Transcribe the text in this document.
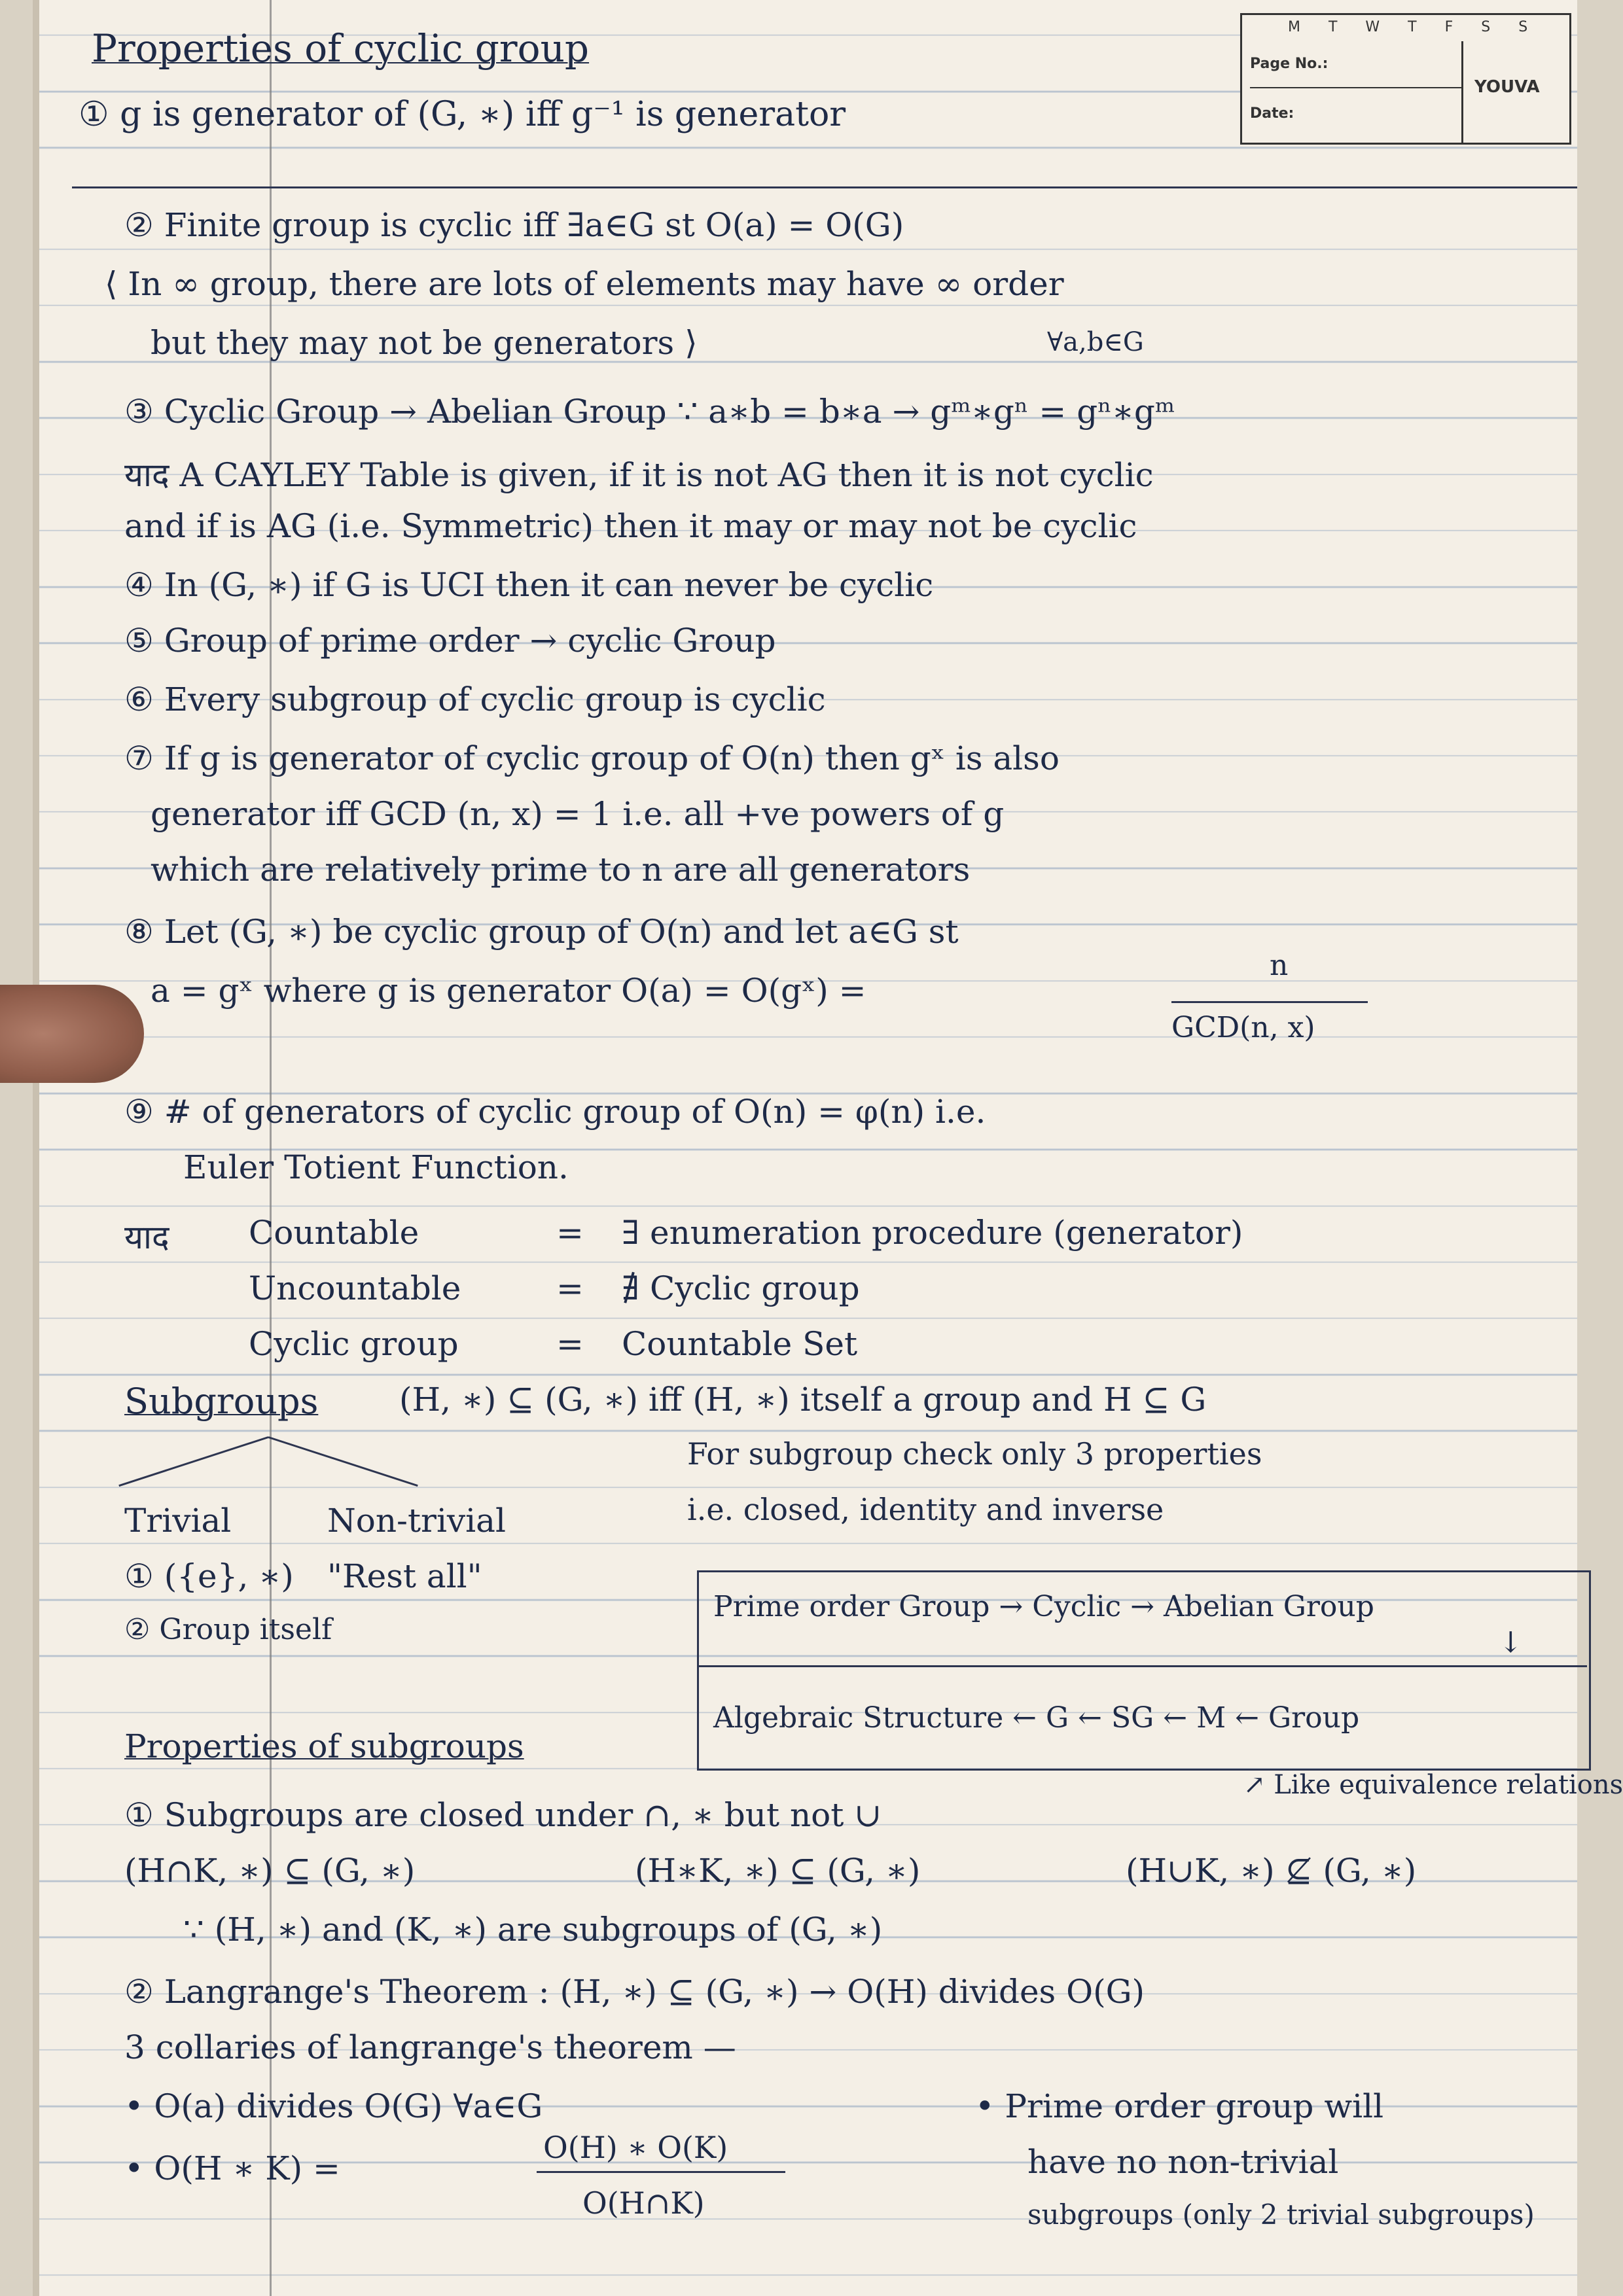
M T W T F S S
Page No.:
Date:
YOUVA
Properties of cyclic group
① g is generator of (G, ∗) iff g⁻¹ is generator
② Finite group is cyclic iff ∃a∈G st O(a) = O(G)
⟨ In ∞ group, there are lots of elements may have ∞ order
but they may not be generators ⟩	∀a,b∈G
③ Cyclic Group → Abelian Group ∵ a∗b = b∗a → gᵐ∗gⁿ = gⁿ∗gᵐ
याद A CAYLEY Table is given, if it is not AG then it is not cyclic
and if is AG (i.e. Symmetric) then it may or may not be cyclic
④ In (G, ∗) if G is UCI then it can never be cyclic
⑤ Group of prime order → cyclic Group
⑥ Every subgroup of cyclic group is cyclic
⑦ If g is generator of cyclic group of O(n) then gˣ is also
generator iff GCD (n, x) = 1 i.e. all +ve powers of g
which are relatively prime to n are all generators
⑧ Let (G, ∗) be cyclic group of O(n) and let a∈G st
a = gˣ where g is generator O(a) = O(gˣ) =
n
GCD(n, x)
⑨ # of generators of cyclic group of O(n) = φ(n) i.e.
Euler Totient Function.
याद Countable	= ∃ enumeration procedure (generator)
Uncountable	= ∄ Cyclic group
Cyclic group	= Countable Set
Subgroups (H, ∗) ⊆ (G, ∗) iff (H, ∗) itself a group and H ⊆ G
For subgroup check only 3 properties
i.e. closed, identity and inverse
Trivial	Non-trivial
① ({e}, ∗) "Rest all"
② Group itself
Prime order Group → Cyclic → Abelian Group
↓
Algebraic Structure ← G ← SG ← M ← Group
↗ Like equivalence relations
Properties of subgroups
① Subgroups are closed under ∩, ∗ but not ∪
(H∩K, ∗) ⊆ (G, ∗)	(H∗K, ∗) ⊆ (G, ∗)	(H∪K, ∗) ⊈ (G, ∗)
∵ (H, ∗) and (K, ∗) are subgroups of (G, ∗)
② Langrange's Theorem : (H, ∗) ⊆ (G, ∗) → O(H) divides O(G)
3 collaries of langrange's theorem —
• O(a) divides O(G) ∀a∈G
• O(H ∗ K) =
O(H) ∗ O(K)
O(H∩K)
• Prime order group will
have no non-trivial
subgroups (only 2 trivial subgroups)
